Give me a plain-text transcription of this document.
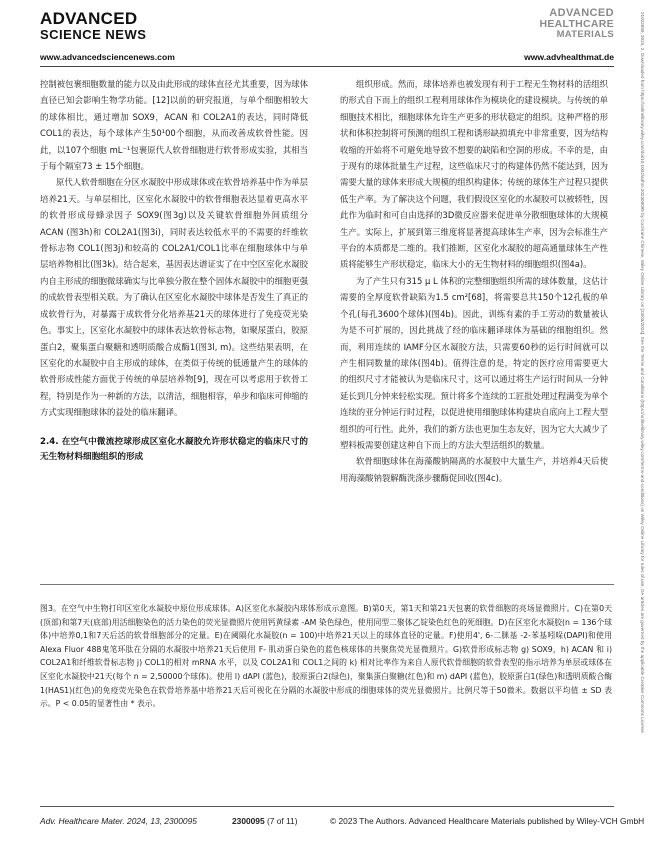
ADVANCED
SCIENCE NEWS
ADVANCED
HEALTHCARE
MATERIALS
www.advancedsciencenews.com	www.advhealthmat.de	21922659, 2024, 2, Downloaded from https://onlinelibrary.wiley.com/doi/10.1002/adhm.202300095 by Cochrane Chinese, Wiley Online Library on [23/03/2024]. See the Terms and Conditions (https://onlinelibrary.wiley.com/terms-and-conditions) on Wiley Online Library for rules of use; OA articles are governed by the applicable Creative Commons License

控制被包裹细胞数量的能力以及由此形成的球体直径尤其重要，因为球体直径已知会影响生物学功能。[12]以前的研究报道，与单个细胞相较大的球体相比，通过增加 SOX9，ACAN 和 COL2A1的表达，同时降低 COL1的表达，每个球体产生50¹00个细胞，从而改善成软骨性能。因此，以107个细胞 mL⁻¹包裹原代人软骨细胞进行软骨形成实验，其相当于每个隔室73 ± 15个细胞。

原代人软骨细胞在分区水凝胶中形成球体或在软骨培养基中作为单层培养21天。与单层相比，区室化水凝胶中的软骨细胞表达显着更高水平的软骨形成母蜂录因子 SOX9(图3g)以及关键软骨细胞外间质组分 ACAN (图3h)和 COL2A1(图3i)，同时表达较低水平的不需要的纤维软骨标志物 COL1(图3j)和较高的 COL2A1/COL1比率在细胞球体中与单层培养物相比(图3k)。结合起来，基因表达谱证实了在中空区室化水凝胶内自主形成的细胞微球确实与比单独分散在整个固体水凝胶中的细胞更强的成软骨表型相关联。为了确认在区室化水凝胶中球体是否发生了真正的成软骨行为，对暴露于成软骨分化培养基21天的球体进行了免疫荧光染色。事实上，区室化水凝胶中的球体表达软骨标志物，如聚尿蛋白，胶原蛋白2，聚集蛋白聚糖和透明质酸合成酶1(图3l, m)。这些结果表明，在区室化的水凝胶中自主形成的球体，在类似于传统的低通量产生的球体的软骨形成性能方面优于传统的单层培养物[9]，现在可以考虑用于软骨工程，特别是作为一种新的方法，以清洁，细胞相容，单步和临床可伸缩的方式实现细胞球体的益处的临床翻译。

2.4. 在空气中微流控球形成区室化水凝胶允许形状稳定的临床尺寸的无生物材料细胞组织的形成

组织形成。然而，球体培养也被发现有利于工程无生物材料的活组织的形式自下而上的组织工程利用球体作为模块化的建设模块。与传统的单细胞技术相比，细胞球体允许生产更多的形状稳定的组织。这种严格的形状和体积控制将可预测的组织工程和诱形缺损填充中非常重要，因为结构收缩的开始将不可避免地导致不想要的缺陷和空洞的形成。不幸的是，由于现有的球体批量生产过程，这些临床尺寸的构建体仍然不能达到，因为需要大量的球体来形成大规模的组织构建体；传统的球体生产过程只提供低生产率。为了解决这个问题，我们假设区室化的水凝胶可以被轿牲，因此作为临时和可自由选择的3D微反应器来促进单分散细胞球体的大规模生产。实际上，扩展到第三维度将显著提高球体生产率，因为会标准生产平台的本质都是二维的。我们推断，区室化水凝胶的超高通量球体生产性质将能够生产形状稳定，临床大小的无生物材料的细胞组织(图4a)。

为了产生只有315 μ L 体积的完整细胞组织所需的球体数量，这估计需要的全厚度软骨缺陷为1.5 cm²[68]，将需要总共150个12孔板的单个孔(每孔3600个球体)(图4b)。因此，训练有素的手工劳动的数量被认为是不可扩展的，因此挑战了经的临床翻译球体为基础的细胞组织。然而，利用连续的 IAMF分区水凝胶方法，只需要60秒的运行时间就可以产生相同数量的球体(图4b)。值得注意的是，特定的医疗应用需要更大的组织尺寸才能被认为是临床尺寸，这可以通过将生产运行时间从一分钟延长到几分钟来轻松实现。预计将多个连续的工匠批处理过程满变为单个连续的亚分钟运行时过程，以促进使用细胞球体构建块自底向上工程大型组织的可行性。此外，我们的新方法也更加生态友好，因为它大大减少了塑料板需要创建这种自下而上的方法大型活组织的数量。

软骨细胞球体在海藻酸钠隔离的水凝胶中大量生产，并培养4天后使用海藻酸钠裂解酶洗涤步骤酶促回收(图4c)。

图3。在空气中生物打印区室化水凝胶中原位形成球体。A)区室化水凝胶内球体形成示意图。B)第0天，第1天和第21天包裹的软骨细胞的亮场显微照片。C)在第0天(顶部)和第7天(底部)用活细胞染色的活力染色的荧光显微照片使用钙黄绿素 -AM 染色绿色，使用同型二聚体乙锭染色红色的死细胞。D)在区室化水凝胶(n = 136个球体)中培养0,1和7天后活的软骨细胞部分的定量。E)在阈隔化水凝胶(n = 100)中培养21天以上的球体直径的定量。F)使用4', 6-二脒基 -2-苯基吲哚(DAPI)和使用 Alexa Fluor 488鬼笔环肽在分隔的水凝胶中培养21天后使用 F- 肌动蛋白染色的蓝色核球体的共聚焦荧光显微照片。G)软骨形成标志物 g) SOX9，h) ACAN 和 i) COL2A1和纤维软骨标志物 j) COL1的相对 mRNA 水平，以及 COL2A1和 COL1之间的 k) 相对比率作为来自人原代软骨细胞的软骨表型的指示培养为单层或球体在区室化水凝胶中21天(每个 n = 2,50000个球体)。使用 l) dAPI (蓝色)，胶原蛋白2(绿色)，聚集蛋白聚糖(红色)和 m) dAPI (蓝色)，胶原蛋白1(绿色)和透明质酸合酶1(HAS1)(红色)的免疫荧光染色在软骨培养基中培养21天后可视化在分隔的水凝胶中形成的细胞球体的荧光显微照片。比例尺等于50微米。数据以平均值 ± SD 表示。P < 0.05的显著性由 * 表示。
Adv. Healthcare Mater. 2024, 13, 2300095	2300095 (7 of 11)	© 2023 The Authors. Advanced Healthcare Materials published by Wiley-VCH GmbH
